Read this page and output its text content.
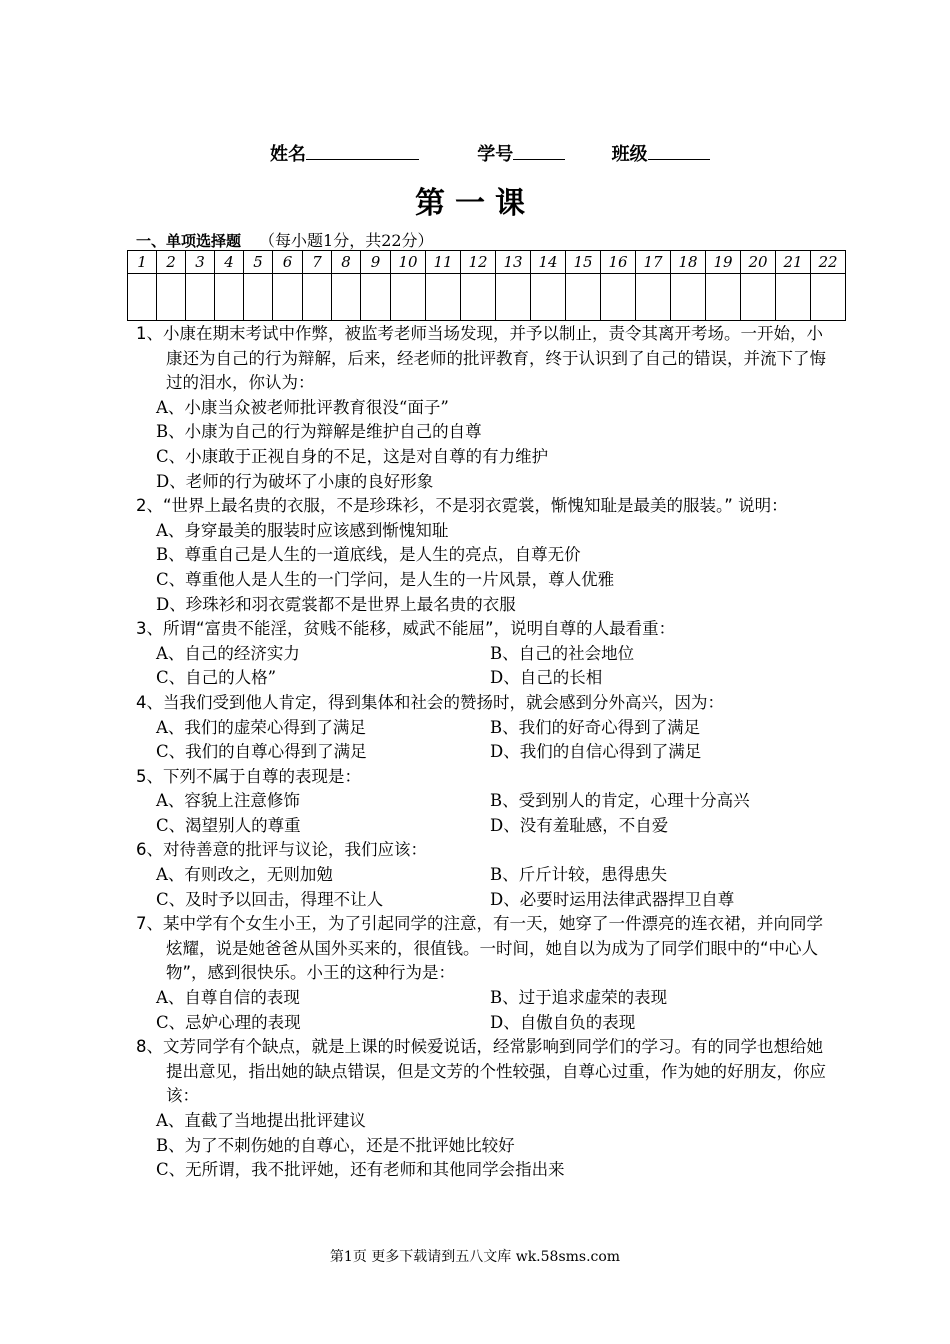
姓名	学号	班级
第一课
一、单项选择题 （每小题1分，共22分）
1	2	3	4	5	6	7	8	9	10	11	12	13	14	15	16	17	18	19	20	21	22

1、小康在期末考试中作弊，被监考老师当场发现，并予以制止，责令其离开考场。一开始，小康还为自己的行为辩解，后来，经老师的批评教育，终于认识到了自己的错误，并流下了悔过的泪水，你认为：
A、小康当众被老师批评教育很没“面子”
B、小康为自己的行为辩解是维护自己的自尊
C、小康敢于正视自身的不足，这是对自尊的有力维护
D、老师的行为破坏了小康的良好形象
2、“世界上最名贵的衣服，不是珍珠衫，不是羽衣霓裳，惭愧知耻是最美的服装。” 说明：
A、身穿最美的服装时应该感到惭愧知耻
B、尊重自己是人生的一道底线，是人生的亮点，自尊无价
C、尊重他人是人生的一门学问，是人生的一片风景，尊人优雅
D、珍珠衫和羽衣霓裳都不是世界上最名贵的衣服
3、所谓“富贵不能淫，贫贱不能移，威武不能屈”，说明自尊的人最看重：
A、自己的经济实力	B、自己的社会地位
C、自己的人格”	D、自己的长相
4、当我们受到他人肯定，得到集体和社会的赞扬时，就会感到分外高兴，因为：
A、我们的虚荣心得到了满足	B、我们的好奇心得到了满足
C、我们的自尊心得到了满足	D、我们的自信心得到了满足
5、下列不属于自尊的表现是：
A、容貌上注意修饰	B、受到别人的肯定，心理十分高兴
C、渴望别人的尊重	D、没有羞耻感，不自爱
6、对待善意的批评与议论，我们应该：
A、有则改之，无则加勉	B、斤斤计较，患得患失
C、及时予以回击，得理不让人	D、必要时运用法律武器捍卫自尊
7、某中学有个女生小王，为了引起同学的注意，有一天，她穿了一件漂亮的连衣裙，并向同学炫耀，说是她爸爸从国外买来的，很值钱。一时间，她自以为成为了同学们眼中的“中心人物”，感到很快乐。小王的这种行为是：
A、自尊自信的表现	B、过于追求虚荣的表现
C、忌妒心理的表现	D、自傲自负的表现
8、文芳同学有个缺点，就是上课的时候爱说话，经常影响到同学们的学习。有的同学也想给她提出意见，指出她的缺点错误，但是文芳的个性较强，自尊心过重，作为她的好朋友，你应该：
A、直截了当地提出批评建议
B、为了不刺伤她的自尊心，还是不批评她比较好
C、无所谓，我不批评她，还有老师和其他同学会指出来
第1页 更多下载请到五八文库 wk.58sms.com
